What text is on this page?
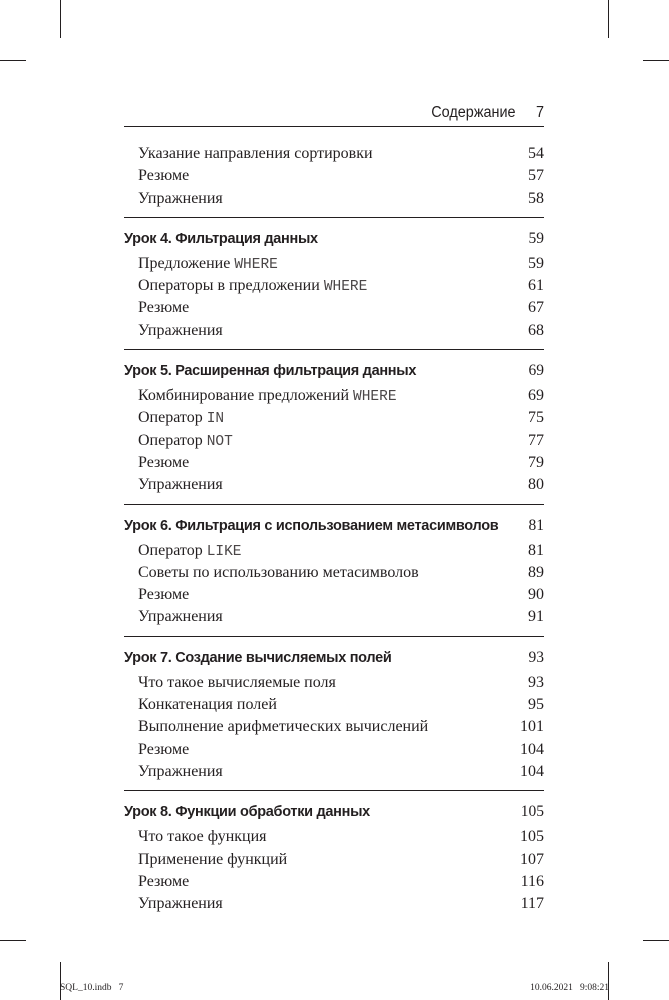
Содержание 7
Указание направления сортировки	54
Резюме	57
Упражнения	58
Урок 4. Фильтрация данных	59
Предложение WHERE	59
Операторы в предложении WHERE	61
Резюме	67
Упражнения	68
Урок 5. Расширенная фильтрация данных	69
Комбинирование предложений WHERE	69
Оператор IN	75
Оператор NOT	77
Резюме	79
Упражнения	80
Урок 6. Фильтрация с использованием метасимволов 81
Оператор LIKE	81
Советы по использованию метасимволов	89
Резюме	90
Упражнения	91
Урок 7. Создание вычисляемых полей	93
Что такое вычисляемые поля	93
Конкатенация полей	95
Выполнение арифметических вычислений	101
Резюме	104
Упражнения	104
Урок 8. Функции обработки данных	105
Что такое функция	105
Применение функций	107
Резюме	116
Упражнения	117
SQL_10.indb   7	10.06.2021   9:08:21
